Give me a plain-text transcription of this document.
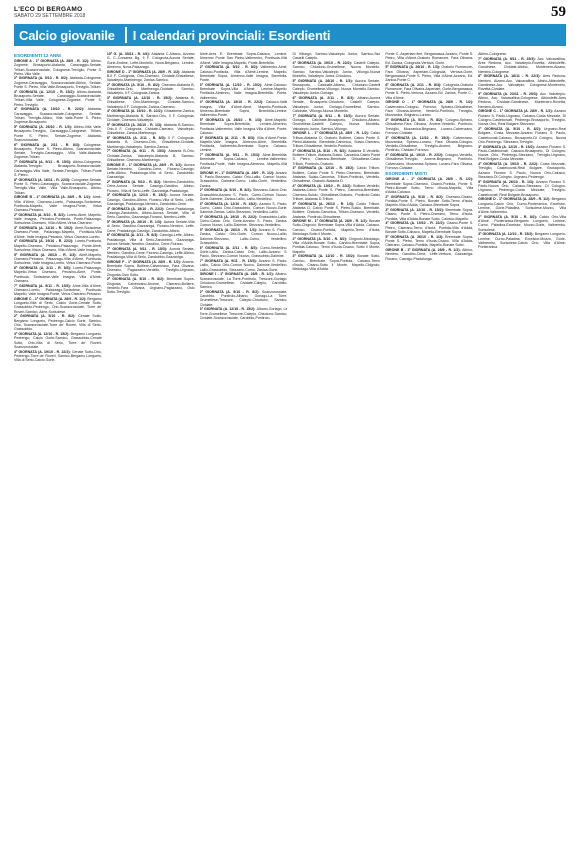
L'ECO DI BERGAMO
SABATO 29 SETTEMBRE 2018	59
Calcio giovanile	I calendari provinciali: Esordienti
ESORDIENTI 12 ANNI
GIRONE A - 1ª GIORNATA (A. 28/9 - R. 1/2): Albino-Zognese, Brusaporto-Atalanta, Caravaggio-Seriate, Trilium-Scanzorosciate, Colognese-Treviglio, Ponte S. Pietro-Villa Valle.
2ª GIORNATA (A. 5/10 - R. 8/2): Atalanta-Colognese, Zognese-Caravaggio, Scanzorosciate-Albino, Seriate-Ponte S. Pietro, Villa Valle-Brusaporto, Treviglio-Trilium.
3ª GIORNATA (A. 12/10 - R. 15/2): Albino-Atalanta, Brusaporto-Seriate, Caravaggio-Scanzorosciate, Trilium-Villa Valle, Colognese-Zognese, Ponte S. Pietro-Treviglio.
4ª GIORNATA (A. 19/10 - R. 22/2): Atalanta-Caravaggio, Scanzorosciate-Colognese, Seriate-Trilium, Treviglio-Albino, Villa Valle-Ponte S. Pietro, Zognese-Brusaporto.
5ª GIORNATA (A. 26/10 - R. 1/3): Albino-Villa Valle, Brusaporto-Treviglio, Caravaggio-Colognese, Trilium-Ponte S. Pietro, Seriate-Zognese, Atalanta-Scanzorosciate.
6ª GIORNATA (A. 2/11 - R. 8/3): Colognese-Brusaporto, Ponte S. Pietro-Albino, Scanzorosciate-Seriate, Treviglio-Caravaggio, Villa Valle-Atalanta, Zognese-Trilium.
7ª GIORNATA (A. 9/11 - R. 15/3): Albino-Colognese, Atalanta-Treviglio, Brusaporto-Scanzorosciate, Caravaggio-Villa Valle, Seriate-Treviglio, Trilium-Ponte S. Pietro.
8ª GIORNATA (A. 16/11 - R. 22/3): Colognese-Seriate, Ponte S. Pietro-Caravaggio, Scanzorosciate-Zognese, Treviglio-Villa Valle, Villa Valle-Brusaporto, Albino-Trilium.
GIRONE B - 1ª GIORNATA (A. 28/9 - R. 1/2): Almè-Villa d'Almè, Ciserano-Loreto, Palazzago-Sorisolese, Pontisola-Mapello, Valle Imagna-Ponte, Virtus Ciserano-Petosino.
2ª GIORNATA (A. 5/10 - R. 8/2): Loreto-Almè, Mapello-Valle Imagna, Petosino-Pontisola, Ponte-Palazzago, Sorisolese-Ciserano, Villa d'Almè-Virtus Ciserano.
3ª GIORNATA (A. 12/10 - R. 15/2): Almè-Sorisolese, Ciserano-Ponte, Palazzago-Mapello, Pontisola-Villa d'Almè, Valle Imagna-Petosino, Virtus Ciserano-Loreto.
4ª GIORNATA (A. 19/10 - R. 22/2): Loreto-Pontisola, Mapello-Ciserano, Petosino-Palazzago, Ponte-Almè, Sorisolese-Virtus Ciserano, Villa d'Almè-Valle Imagna.
5ª GIORNATA (A. 26/10 - R. 1/3): Almè-Mapello, Ciserano-Petosino, Palazzago-Villa d'Almè, Pontisola-Sorisolese, Valle Imagna-Loreto, Virtus Ciserano-Ponte.
6ª GIORNATA (A. 2/11 - R. 8/3): Loreto-Palazzago, Mapello-Virtus Ciserano, Petosino-Almè, Ponte-Pontisola, Sorisolese-Valle Imagna, Villa d'Almè-Ciserano.
7ª GIORNATA (A. 9/11 - R. 15/3): Almè-Villa d'Almè, Ciserano-Loreto, Palazzago-Sorisolese, Pontisola-Mapello, Valle Imagna-Ponte, Virtus Ciserano-Petosino.
GIRONE C - 1ª GIORNATA (A. 28/9 - R. 1/2): Bergamo Longuelo-Villa di Serio, Calcio Gorle-Cenate Sotto, Grassobbio-Pedrengo, Orio-Scanzorosciate, Torre de' Roveri-Sarnico, Alme-Sorisolese.
2ª GIORNATA (A. 5/10 - R. 8/2): Cenate Sotto-Bergamo Longuelo, Pedrengo-Calcio Gorle, Sarnico-Orio, Scanzorosciate-Torre de' Roveri, Villa di Serio-Grassobbio.
3ª GIORNATA (A. 12/10 - R. 15/2): Bergamo Longuelo-Pedrengo, Calcio Gorle-Sarnico, Grassobbio-Cenate Sotto, Orio-Villa di Serio, Torre de' Roveri-Scanzorosciate.
4ª GIORNATA (A. 19/10 - R. 22/2): Cenate Sotto-Orio, Pedrengo-Torre de' Roveri, Sarnico-Bergamo Longuelo, Villa di Serio-Calcio Gorle.
10ª G. (A. 30/11 - R. 4/4): Atalanta C-Albano, Azzano G. C.-Corsarea Bg, Il F. Colognola-Aurora Seriate, Gorle-Endine, Leffe-Montello, Nova-Bergamo, Lemine-Almenno, Nova-Palazzago.
GIRONE D - 1ª GIORNATA (A. 28/9 - R. 1/2): Atalanta B-Il F. Colognola, Orio-Ciserano, Cividate-Ghisalbese, Valcalepio-Martinengo, Zanica-Sarnico.
2ª GIORNATA (A. 5/10 - R. 8/2): Ciserano-Atalanta B, Ghisalbese-Orio, Martinengo-Cividate, Sarnico-Valcalepio, Il F. Colognola-Zanica.
3ª GIORNATA (A. 12/10 - R. 15/2): Atalanta B-Ghisalbese, Orio-Martinengo, Cividate-Sarnico, Valcalepio-Il F. Colognola, Zanica-Ciserano.
4ª GIORNATA (A. 19/10 - R. 22/2): Ghisalbese-Zanica, Martinengo-Atalanta B, Sarnico-Orio, Il F. Colognola-Cividate, Ciserano-Valcalepio.
5ª GIORNATA (A. 26/10 - R. 1/3): Atalanta B-Sarnico, Orio-Il F. Colognola, Cividate-Ciserano, Valcalepio-Ghisalbese, Zanica-Martinengo.
6ª GIORNATA (A. 2/11 - R. 8/3): Il F. Colognola-Atalanta B, Ciserano-Orio, Ghisalbese-Cividate, Martinengo-Valcalepio, Sarnico-Zanica.
7ª GIORNATA (A. 9/11 - R. 15/3): Atalanta B-Orio, Cividate-Zanica, Valcalepio-Atalanta B, Sarnico-Ghisalbese, Ciserano-Martinengo.
GIRONE E - 1ª GIORNATA (A. 28/9 - R. 1/2): Aurora Seriate-Nembro, Gandino-Cene, Fiorano-Casnigo, Leffe-Albino, Pradalunga-Villa di Serio, Zandobbio-Gazzaniga.
2ª GIORNATA (A. 5/10 - R. 8/2): Nembro-Zandobbio, Cene-Aurora Seriate, Casnigo-Gandino, Albino-Fiorano, Villa di Serio-Leffe, Gazzaniga-Pradalunga.
3ª GIORNATA (A. 12/10 - R. 15/2): Aurora Seriate-Casnigo, Gandino-Albino, Fiorano-Villa di Serio, Leffe-Gazzaniga, Pradalunga-Nembro, Zandobbio-Cene.
4ª GIORNATA (A. 19/10 - R. 22/2): Cene-Pradalunga, Casnigo-Zandobbio, Albino-Aurora Seriate, Villa di Serio-Gandino, Gazzaniga-Fiorano, Nembro-Leffe.
5ª GIORNATA (A. 26/10 - R. 1/3): Aurora Seriate-Villa di Serio, Gandino-Gazzaniga, Fiorano-Nembro, Leffe-Cene, Pradalunga-Casnigo, Zandobbio-Albino.
6ª GIORNATA (A. 2/11 - R. 8/3): Casnigo-Leffe, Albino-Pradalunga, Villa di Serio-Zandobbio, Gazzaniga-Aurora Seriate, Nembro-Gandino, Cene-Fiorano.
7ª GIORNATA (A. 9/11 - R. 15/3): Aurora Seriate-Nembro, Gandino-Cene, Fiorano-Casnigo, Leffe-Albino, Pradalunga-Villa di Serio, Zandobbio-Gazzaniga.
GIRONE F - 1ª GIORNATA (A. 28/9 - R. 1/2): Arcene-Brembate Sopra, Boltiere-Calvenzano, Fara Olivana-Ciserano, Pagazzano-Verdello, Treviglio-Urgnano, Zingonia-Osio Sotto.
2ª GIORNATA (A. 5/10 - R. 8/2): Brembate Sopra-Zingonia, Calvenzano-Arcene, Ciserano-Boltiere, Verdello-Fara Olivana, Urgnano-Pagazzano, Osio Sotto-Treviglio.
Almè-Ares E. Brembate Sopra-Calusco, Lemine-Almenno Ponte San Pietro-Valbrembo, Pontisola-Villa d'Almè, Valle Imagna-Mapello, Ponte-Brembilla.
2ª GIORNATA (A. 5/10 - R. 8/2): Valbrembo-Almè, Calusco-Pontisola, Villa d'Almè-Lemine, Mapello-Brembate Sopra, Almenno-Valle Imagna, Brembilla-Ponte.
3ª GIORNATA (A. 12/10 - R. 15/2): Almè-Calusco, Brembate Sopra-Villa d'Almè, Lemine-Mapello, Pontisola-Almenno, Valle Imagna-Brembilla, Ponte-Valbrembo.
4ª GIORNATA (A. 19/10 - R. 22/2): Calusco-Valle Imagna, Villa d'Almè-Almè, Mapello-Pontisola, Almenno-Brembate Sopra, Brembilla-Lemine, Valbrembo-Ponte.
5ª GIORNATA (A. 26/10 - R. 1/3): Almè-Mapello, Brembate Sopra-Brembilla, Lemine-Almenno, Pontisola-Valbrembo, Valle Imagna-Villa d'Almè, Ponte-Calusco.
6ª GIORNATA (A. 2/11 - R. 8/3): Villa d'Almè-Ponte, Mapello-Valle Imagna, Almenno-Almè, Brembilla-Pontisola, Valbrembo-Brembate Sopra, Calusco-Lemine.
7ª GIORNATA (A. 9/11 - R. 15/3): Almè-Brembilla, Brembate Sopra-Calusco, Lemine-Valbrembo, Pontisola-Ponte, Valle Imagna-Almenno, Mapello-Villa d'Almè.
GIRONE H - 1ª GIORNATA (A. 28/9 - R. 1/2): Azzano S. Paolo-Stezzano, Calcio Orio-Lallio, Comun Nuovo-Grassobbio, Dalmine-Curno, Lallio-Gorle, Verdellino-Zanica.
2ª GIORNATA (A. 5/10 - R. 8/2): Stezzano-Calcio Orio, Grassobbio-Azzano S. Paolo, Curno-Comun Nuovo, Gorle-Dalmine, Zanica-Lallio, Lallio-Verdellino.
3ª GIORNATA (A. 12/10 - R. 15/2): Azzano S. Paolo-Curno, Calcio Orio-Grassobbio, Comun Nuovo-Gorle, Dalmine-Zanica, Lallio-Stezzano, Verdellino-Lallio.
4ª GIORNATA (A. 19/10 - R. 22/2): Grassobbio-Lallio, Curno-Calcio Orio, Gorle-Azzano S. Paolo, Zanica-Comun Nuovo, Lallio-Dalmine, Stezzano-Verdellino.
5ª GIORNATA (A. 26/10 - R. 1/3): Azzano S. Paolo-Zanica, Calcio Orio-Gorle, Comun Nuovo-Lallio, Dalmine-Stezzano, Lallio-Curno, Verdellino-Grassobbio.
6ª GIORNATA (A. 2/11 - R. 8/3): Curno-Verdellino, Gorle-Lallio, Zanica-Calcio Orio, Lallio-Azzano S. Paolo, Stezzano-Comun Nuovo, Grassobbio-Dalmine.
7ª GIORNATA (A. 9/11 - R. 15/3): Azzano S. Paolo-Lallio, Calcio Orio-Comun Nuovo, Dalmine-Verdellino, Lallio-Grassobbio, Stezzano-Curno, Zanica-Gorle.
GIRONE I - 1ª GIORNATA (A. 28/9 - R. 1/2): Albano-Scanzorosciate, La Torre-Pontirolo, Trescore-Gorlago, Chiuduno-Grumellese, Cividate-Calepio, Carobbio-Sarnico.
2ª GIORNATA (A. 5/10 - R. 8/2): Scanzorosciate-Carobbio, Pontirolo-Albano, Gorlago-La Torre, Grumellese-Trescore, Calepio-Chiuduno, Sarnico-Cividate.
3ª GIORNATA (A. 12/10 - R. 15/2): Albano-Gorlago, La Torre-Grumellese, Trescore-Calepio, Chiuduno-Sarnico, Cividate-Scanzorosciate, Carobbio-Pontirolo.
Di Villongo, Sarnico-Valcalepio Junior, Sarnico-Ssd Castelli Calepio.
4ª GIORNATA (A. 19/10 - R. 22/2): Castelli Calepio-Sarnico, Chiuduno-Grumellese, Nuova Montello-Sarnico, Sarnico-Valcalepio Junior, Villongo-Nuova Montello, Valcalepio Junior-Chiuduno.
5ª GIORNATA (A. 26/10 - R. 1/3): Aurora Seriate-Brusaporto, Calcinate-Albano, Chiuduno-Castelli Calepio, Grumellese-Villongo, Nuova Montello-Sarnico, Valcalepio Junior-Gorlago.
6ª GIORNATA (A. 2/11 - R. 8/3): Albano-Aurora Seriate, Brusaporto-Chiuduno, Castelli Calepio-Valcalepio Junior, Gorlago-Grumellese, Sarnico-Calcinate, Villongo-Nuova Montello.
7ª GIORNATA (A. 9/11 - R. 15/3): Aurora Seriate-Gorlago, Calcinate-Brusaporto, Chiuduno-Albano, Grumellese-Castelli Calepio, Nuova Montello-Valcalepio Junior, Sarnico-Villongo.
GIRONE L - 1ª GIORNATA (A. 28/9 - R. 1/2): Calcio Trilium-Atalanta D, Oratorio Boltiere, Calcio Ponte S. Pietro-Atalanta, Brembate-Canonica, Suisio-Ciserano, Trilium-Ghisalbese, Verdello-Pontirolo.
2ª GIORNATA (A. 5/10 - R. 8/2): Atalanta D-Verdello, Boltiere-Trilium, Atalanta-Suisio, Canonica-Calcio Ponte S. Pietro, Ciserano-Brembate, Ghisalbese-Calcio Trilium, Pontirolo-Oratorio.
3ª GIORNATA (A. 12/10 - R. 15/2): Calcio Trilium-Boltiere, Calcio Ponte S. Pietro-Ciserano, Brembate-Atalanta, Suisio-Canonica, Trilium-Pontirolo, Verdello-Ghisalbese, Oratorio-Atalanta D.
4ª GIORNATA (A. 19/10 - R. 22/2): Boltiere-Verdello, Atalanta-Calcio Ponte S. Pietro, Canonica-Brembate, Ciserano-Suisio, Ghisalbese-Oratorio, Pontirolo-Calcio Trilium, Atalanta D-Trilium.
5ª GIORNATA (A. 26/10 - R. 1/3): Calcio Trilium-Atalanta D, Calcio Ponte S. Pietro-Suisio, Brembate-Boltiere, Oratorio-Canonica, Trilium-Ciserano, Verdello-Atalanta, Pontirolo-Ghisalbese.
GIRONE M - 1ª GIORNATA (A. 28/9 - R. 1/2): Bonate Sotto-Chignolo, Brembate Sopra-Villa d'Adda, Calusco-Carvico, Cisano-Pontida, Mapello-Terno d'Isola, Medolago-Sotto il Monte.
2ª GIORNATA (A. 5/10 - R. 8/2): Chignolo-Medolago, Villa d'Adda-Bonate Sotto, Carvico-Brembate Sopra, Pontida-Calusco, Terno d'Isola-Cisano, Sotto il Monte-Mapello.
3ª GIORNATA (A. 12/10 - R. 15/2): Bonate Sotto-Carvico, Brembate Sopra-Pontida, Calusco-Terno d'Isola, Cisano-Sotto il Monte, Mapello-Chignolo, Medolago-Villa d'Adda.
Ponte C.-Asperiam fine, Bergamasca-Azzano, Ponte S. Pietro, Villa d'Almè-Oratorio Romanore, Fara Olivana-Ed. Zanica, Colognola-Vertova, Gorle.
5ª GIORNATA (A. 26/10 - R. 1/3): Oratorio Romanore-Fara Olivana, Asperiam-Colognola, Vertova-Gorle, Bergamasca-Ponte S. Pietro, Villa d'Almè-Azzano, Ed. Zanica-Ponte C.
6ª GIORNATA (A. 2/11 - R. 8/3): Colognola-Oratorio Romanore, Fara Olivana-Asperiam, Gorle-Bergamasca, Ponte S. Pietro-Vertova, Azzano-Ed. Zanica, Ponte C.-Villa d'Almè.
GIRONE O - 1ª GIORNATA (A. 28/9 - R. 1/2): Calvenzano-Cologno, Fornovo, Spirano-Ghisalbese, Fara Olivana-Arcene, Verdello-Pontirolo, Treviglio-Mozzanica, Brignano-Lurano.
2ª GIORNATA (A. 5/10 - R. 8/2): Cologno-Spirano, Ghisalbese-Fara Olivana, Arcene-Verdello, Pontirolo-Treviglio, Mozzanica-Brignano, Lurano-Calvenzano, Fornovo-Cividate.
3ª GIORNATA (A. 12/10 - R. 15/2): Calvenzano-Mozzanica, Spirano-Lurano, Fara Olivana-Cologno, Verdello-Ghisalbese, Treviglio-Arcene, Brignano-Pontirolo, Cividate-Fornovo.
4ª GIORNATA (A. 19/10 - R. 22/2): Cologno-Verdello, Ghisalbese-Treviglio, Arcene-Brignano, Pontirolo-Calvenzano, Mozzanica-Spirano, Lurano-Fara Olivana, Fornovo-Cividate.
ESORDIENTI MISTI
GIRONE A - 1ª GIORNATA (A. 28/9 - R. 1/2): Brembate Sopra-Ciserano, Cisano-Pontida, Ponte S. Pietro-Bonate Sotto, Terno d'Isola-Mapello, Villa d'Adda-Calusco.
2ª GIORNATA (A. 5/10 - R. 8/2): Ciserano-Cisano, Pontida-Ponte S. Pietro, Bonate Sotto-Terno d'Isola, Mapello-Villa d'Adda, Calusco-Brembate Sopra.
3ª GIORNATA (A. 12/10 - R. 15/2): Brembate Sopra-Cisano, Ponte S. Pietro-Ciserano, Terno d'Isola-Pontida, Villa d'Adda-Bonate Sotto, Calusco-Mapello.
4ª GIORNATA (A. 19/10 - R. 22/2): Cisano-Ponte S. Pietro, Ciserano-Terno d'Isola, Pontida-Villa d'Adda, Bonate Sotto-Calusco, Mapello-Brembate Sopra.
5ª GIORNATA (A. 26/10 - R. 1/3): Brembate Sopra-Ponte S. Pietro, Terno d'Isola-Cisano, Villa d'Adda-Ciserano, Calusco-Pontida, Mapello-Bonate Sotto.
GIRONE B - 1ª GIORNATA (A. 28/9 - R. 1/2): Albino-Nembro, Gandino-Cene, Leffe-Vertova, Gazzaniga-Fiorano, Casnigo-Pradalunga.
Albino-Colognese.
7ª GIORNATA (A. 9/11 - R. 15/3): Acc. Valcavallina-Ares Redona, Acc. Valcalepio-Rovetta, Albinoleffe-Gandinese, Cividate-Albino, Montenero-Alzano, Nembro-Colognese.
8ª GIORNATA (A. 16/11 - R. 22/3): Ares Redona-Nembro, Alzano-Acc. Valcavallina, Albino-Albinoleffe, Gandinese-Acc. Valcalepio, Colognese-Montenero, Rovetta-Cividate.
9ª GIORNATA (A. 23/11 - R. 29/3): Acc. Valcalepio-Albino, Acc. Valcavallina-Colognese, Albinoleffe-Ares Redona, Cividate-Gandinese, Montenero-Rovetta, Nembro-Alzano.
GIRONE C - 1ª GIORNATA (A. 28/9 - R. 1/2): Azzano Fiorano S. Paolo-Urgnano, Calusco-Costa Mezzate, Di Cologno-Castelcovati, Pedrengo-Brusaporto, Treviglio-Nuova Orio, Real Bolgare-Stezzano.
2ª GIORNATA (A. 5/10 - R. 8/2): Urgnano-Real Bolgare, Costa Mezzate-Azzano Fiorano S. Paolo, Castelcovati-Calusco, Brusaporto-Di Cologno, Nuova Orio-Pedrengo, Stezzano-Treviglio.
3ª GIORNATA (A. 12/10 - R. 15/2): Azzano Fiorano S. Paolo-Castelcovati, Calusco-Brusaporto, Di Cologno-Nuova Orio, Pedrengo-Stezzano, Treviglio-Urgnano, Real Bolgare-Costa Mezzate.
4ª GIORNATA (A. 19/10 - R. 22/2): Costa Mezzate-Treviglio, Castelcovati-Real Bolgare, Brusaporto-Azzano Fiorano S. Paolo, Nuova Orio-Calusco, Stezzano-Di Cologno, Urgnano-Pedrengo.
5ª GIORNATA (A. 26/10 - R. 1/3): Azzano Fiorano S. Paolo-Nuova Orio, Calusco-Stezzano, Di Cologno-Urgnano, Pedrengo-Costa Mezzate, Treviglio-Castelcovati, Real Bolgare-Brusaporto.
GIRONE D - 1ª GIORNATA (A. 28/9 - R. 1/2): Bergamo Longuelo-Calcio Orio, Curno-Ponteranica, Excelsior-Lemine, Gorle-Paladina, Sorisolese-Mozzo, Villa d'Almè-Valbrembo.
2ª GIORNATA (A. 5/10 - R. 8/2): Calcio Orio-Villa d'Almè, Ponteranica-Bergamo Longuelo, Lemine-Curno, Paladina-Excelsior, Mozzo-Gorle, Valbrembo-Sorisolese.
3ª GIORNATA (A. 12/10 - R. 15/2): Bergamo Longuelo-Lemine, Curno-Paladina, Excelsior-Mozzo, Gorle-Valbrembo, Sorisolese-Calcio Orio, Villa d'Almè-Ponteranica.
